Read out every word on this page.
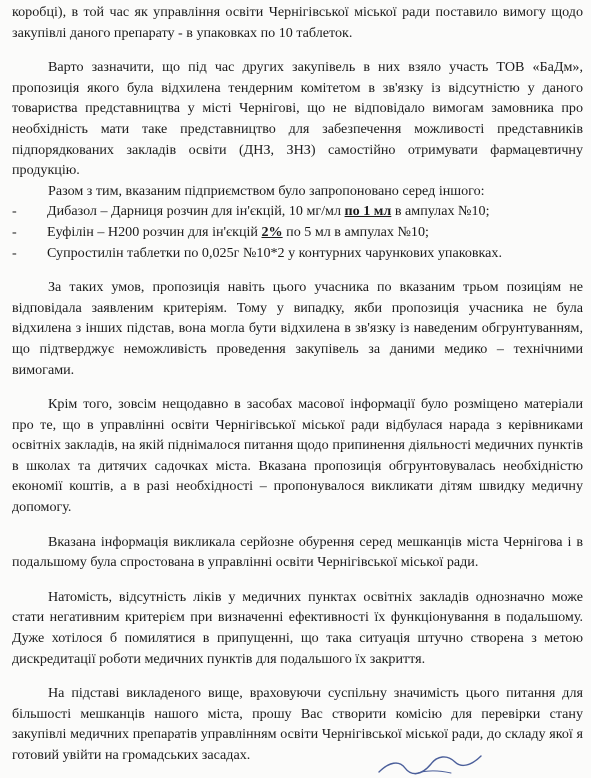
коробці), в той час як управління освіти Чернігівської міської ради поставило вимогу щодо закупівлі даного препарату - в упаковках по 10 таблеток.

Варто зазначити, що під час других закупівель в них взяло участь ТОВ «БаДм», пропозиція якого була відхилена тендерним комітетом в зв'язку із відсутністю у даного товариства представництва у місті Чернігові, що не відповідало вимогам замовника про необхідність мати таке представництво для забезпечення можливості представників підпорядкованих закладів освіти (ДНЗ, ЗНЗ) самостійно отримувати фармацевтичну продукцію.

Разом з тим, вказаним підприємством було запропоновано серед іншого:

- Дибазол – Дарниця розчин для ін'єкцій, 10 мг/мл по 1 мл в ампулах №10;
- Еуфілін – Н200 розчин для ін'єкцій 2% по 5 мл в ампулах №10;
- Супростилін таблетки по 0,025г №10*2 у контурних чарункових упаковках.

За таких умов, пропозиція навіть цього учасника по вказаним трьом позиціям не відповідала заявленим критеріям. Тому у випадку, якби пропозиція учасника не була відхилена з інших підстав, вона могла бути відхилена в зв'язку із наведеним обгрунтуванням, що підтверджує неможливість проведення закупівель за даними медико – технічними вимогами.

Крім того, зовсім нещодавно в засобах масової інформації було розміщено матеріали про те, що в управлінні освіти Чернігівської міської ради відбулася нарада з керівниками освітніх закладів, на якій піднімалося питання щодо припинення діяльності медичних пунктів в школах та дитячих садочках міста. Вказана пропозиція обгрунтовувалась необхідністю економії коштів, а в разі необхідності – пропонувалося викликати дітям швидку медичну допомогу.

Вказана інформація викликала серйозне обурення серед мешканців міста Чернігова і в подальшому була спростована в управлінні освіти Чернігівської міської ради.

Натомість, відсутність ліків у медичних пунктах освітніх закладів однозначно може стати негативним критерієм при визначенні ефективності їх функціонування в подальшому. Дуже хотілося б помилятися в припущенні, що така ситуація штучно створена з метою дискредитації роботи медичних пунктів для подальшого їх закриття.

На підставі викладеного вище, враховуючи суспільну значимість цього питання для більшості мешканців нашого міста, прошу Вас створити комісію для перевірки стану закупівлі медичних препаратів управлінням освіти Чернігівської міської ради, до складу якої я готовий увійти на громадських засадах.
